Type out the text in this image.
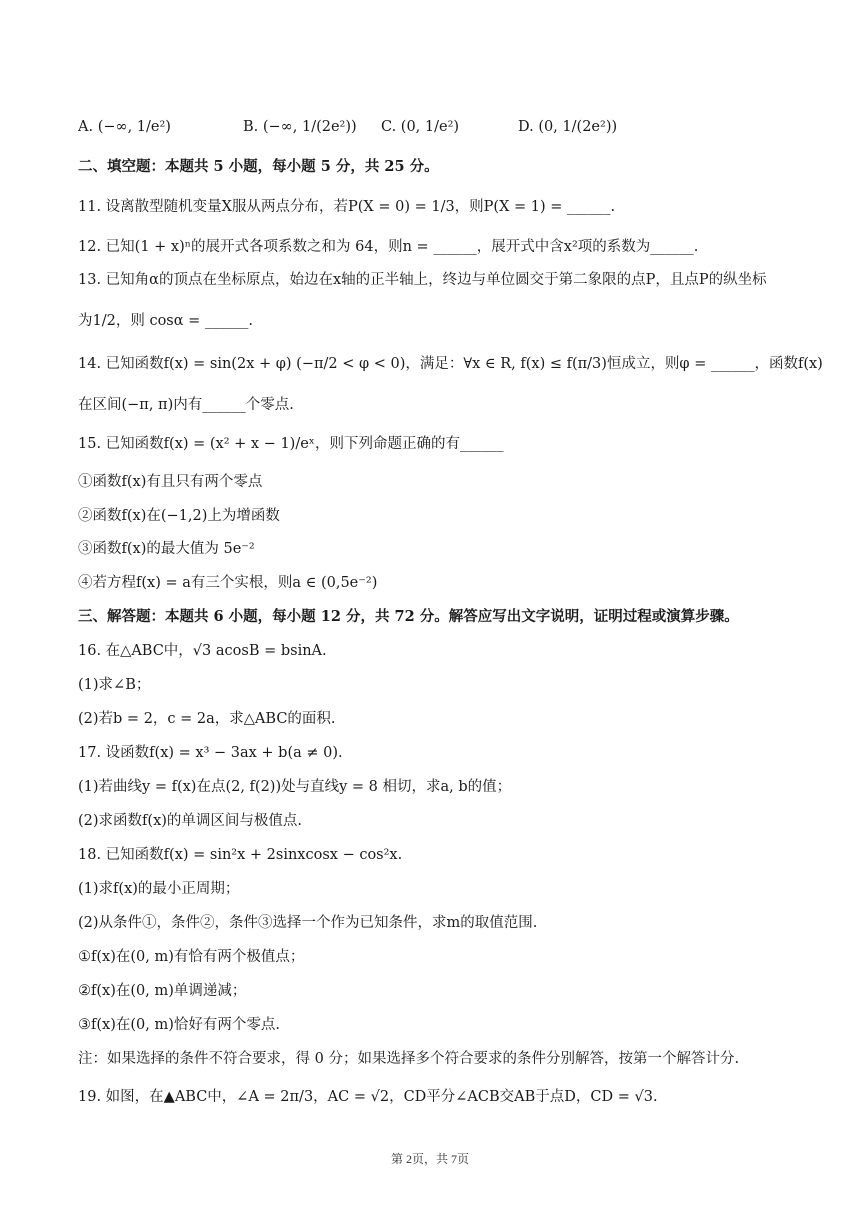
A. (−∞, 1/e²)	B. (−∞, 1/(2e²))	C. (0, 1/e²)	D. (0, 1/(2e²))
二、填空题：本题共 5 小题，每小题 5 分，共 25 分。
11. 设离散型随机变量X服从两点分布，若P(X = 0) = 1/3，则P(X = 1) = ______.
12. 已知(1 + x)ⁿ的展开式各项系数之和为 64，则n = ______，展开式中含x²项的系数为______.
13. 已知角α的顶点在坐标原点，始边在x轴的正半轴上，终边与单位圆交于第二象限的点P，且点P的纵坐标
为1/2，则 cosα = ______.
14. 已知函数f(x) = sin(2x + φ) (−π/2 < φ < 0)，满足：∀x ∈ R, f(x) ≤ f(π/3)恒成立，则φ = ______，函数f(x)
在区间(−π, π)内有______个零点.
15. 已知函数f(x) = (x² + x − 1)/eˣ，则下列命题正确的有______
①函数f(x)有且只有两个零点
②函数f(x)在(−1,2)上为增函数
③函数f(x)的最大值为 5e⁻²
④若方程f(x) = a有三个实根，则a ∈ (0,5e⁻²)
三、解答题：本题共 6 小题，每小题 12 分，共 72 分。解答应写出文字说明，证明过程或演算步骤。
16. 在△ABC中，√3 acosB = bsinA.
(1)求∠B；
(2)若b = 2，c = 2a，求△ABC的面积.
17. 设函数f(x) = x³ − 3ax + b(a ≠ 0).
(1)若曲线y = f(x)在点(2, f(2))处与直线y = 8 相切，求a, b的值；
(2)求函数f(x)的单调区间与极值点.
18. 已知函数f(x) = sin²x + 2sinxcosx − cos²x.
(1)求f(x)的最小正周期；
(2)从条件①，条件②，条件③选择一个作为已知条件，求m的取值范围.
①f(x)在(0, m)有恰有两个极值点；
②f(x)在(0, m)单调递减；
③f(x)在(0, m)恰好有两个零点.
注：如果选择的条件不符合要求，得 0 分；如果选择多个符合要求的条件分别解答，按第一个解答计分.
19. 如图，在▲ABC中，∠A = 2π/3，AC = √2，CD平分∠ACB交AB于点D，CD = √3.
第 2页，共 7页
